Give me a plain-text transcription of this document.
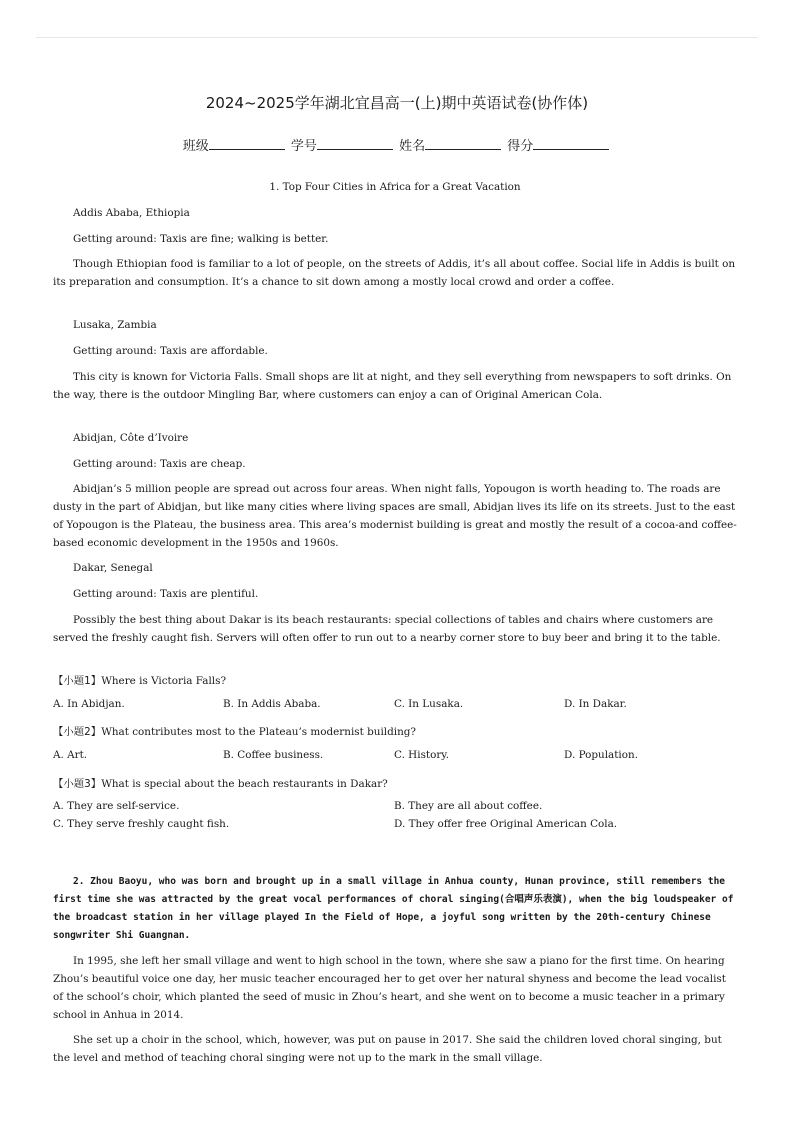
2024~2025学年湖北宜昌高一(上)期中英语试卷(协作体)
班级	学号	姓名	得分

1. Top Four Cities in Africa for a Great Vacation

Addis Ababa, Ethiopia

Getting around: Taxis are fine; walking is better.

Though Ethiopian food is familiar to a lot of people, on the streets of Addis, it’s all about coffee. Social life in Addis is built on its preparation and consumption. It’s a chance to sit down among a mostly local crowd and order a coffee.

Lusaka, Zambia

Getting around: Taxis are affordable.

This city is known for Victoria Falls. Small shops are lit at night, and they sell everything from newspapers to soft drinks. On the way, there is the outdoor Mingling Bar, where customers can enjoy a can of Original American Cola.

Abidjan, Côte d’Ivoire

Getting around: Taxis are cheap.

Abidjan’s 5 million people are spread out across four areas. When night falls, Yopougon is worth heading to. The roads are dusty in the part of Abidjan, but like many cities where living spaces are small, Abidjan lives its life on its streets. Just to the east of Yopougon is the Plateau, the business area. This area’s modernist building is great and mostly the result of a cocoa-and coffee-based economic development in the 1950s and 1960s.

Dakar, Senegal

Getting around: Taxis are plentiful.

Possibly the best thing about Dakar is its beach restaurants: special collections of tables and chairs where customers are served the freshly caught fish. Servers will often offer to run out to a nearby corner store to buy beer and bring it to the table.

【小题1】Where is Victoria Falls?
A. In Abidjan.	B. In Addis Ababa.	C. In Lusaka.	D. In Dakar.
【小题2】What contributes most to the Plateau’s modernist building?
A. Art.	B. Coffee business.	C. History.	D. Population.
【小题3】What is special about the beach restaurants in Dakar?
A. They are self-service.	B. They are all about coffee.
C. They serve freshly caught fish.	D. They offer free Original American Cola.

2. Zhou Baoyu, who was born and brought up in a small village in Anhua county, Hunan province, still remembers the first time she was attracted by the great vocal performances of choral singing(合唱声乐表演), when the big loudspeaker of the broadcast station in her village played In the Field of Hope, a joyful song written by the 20th-century Chinese songwriter Shi Guangnan.

In 1995, she left her small village and went to high school in the town, where she saw a piano for the first time. On hearing Zhou’s beautiful voice one day, her music teacher encouraged her to get over her natural shyness and become the lead vocalist of the school’s choir, which planted the seed of music in Zhou’s heart, and she went on to become a music teacher in a primary school in Anhua in 2014.

She set up a choir in the school, which, however, was put on pause in 2017. She said the children loved choral singing, but the level and method of teaching choral singing were not up to the mark in the small village.
